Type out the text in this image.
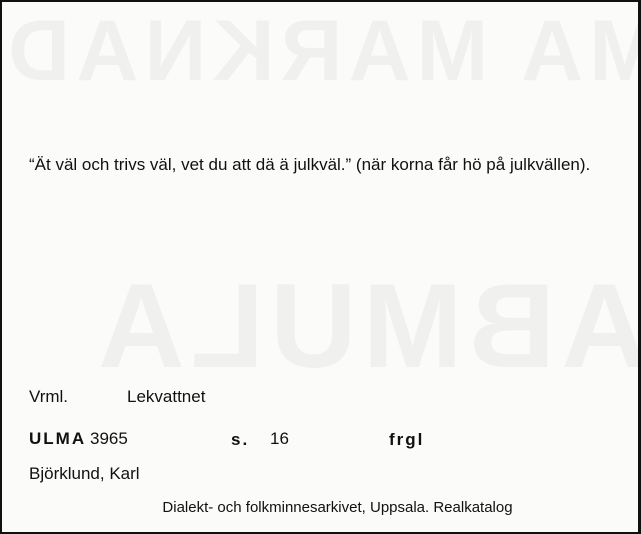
“Ät väl och trivs väl, vet du att dä ä julkväl.” (när korna får hö på julkvällen).
Vrml.	Lekvattnet
ULMA 3965	s. 16	frgl
Björklund, Karl
Dialekt- och folkminnesarkivet, Uppsala. Realkatalog
